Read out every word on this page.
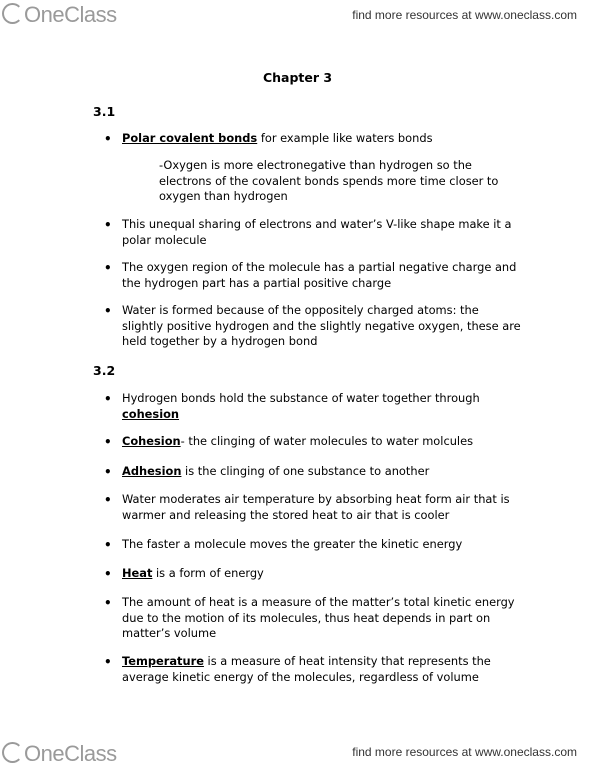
OneClass	find more resources at www.oneclass.com
Chapter 3
3.1
• Polar covalent bonds for example like waters bonds
-Oxygen is more electronegative than hydrogen so the electrons of the covalent bonds spends more time closer to oxygen than hydrogen
• This unequal sharing of electrons and water’s V-like shape make it a polar molecule
• The oxygen region of the molecule has a partial negative charge and the hydrogen part has a partial positive charge
• Water is formed because of the oppositely charged atoms: the slightly positive hydrogen and the slightly negative oxygen, these are held together by a hydrogen bond
3.2
• Hydrogen bonds hold the substance of water together through cohesion
• Cohesion- the clinging of water molecules to water molcules
• Adhesion is the clinging of one substance to another
• Water moderates air temperature by absorbing heat form air that is warmer and releasing the stored heat to air that is cooler
• The faster a molecule moves the greater the kinetic energy
• Heat is a form of energy
• The amount of heat is a measure of the matter’s total kinetic energy due to the motion of its molecules, thus heat depends in part on matter’s volume
• Temperature is a measure of heat intensity that represents the average kinetic energy of the molecules, regardless of volume
OneClass	find more resources at www.oneclass.com
